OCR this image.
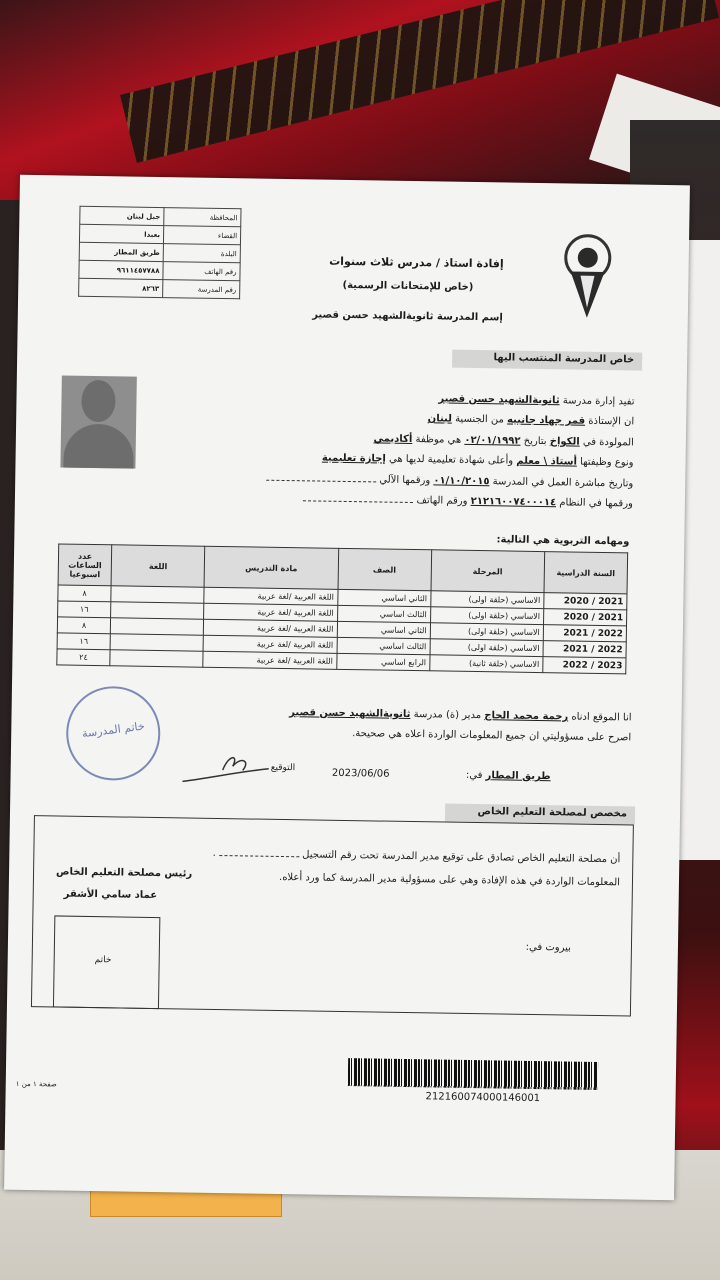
جبل لبنان	المحافظة
بعبدا	القضاء
طريق المطار	البلدة
٩٦١١٤٥٧٧٨٨	رقم الهاتف
٨٢٦٣	رقم المدرسة
إفادة استاذ / مدرس ثلاث سنوات
(خاص للإمتحانات الرسمية)
إسم المدرسة ثانويةالشهيد حسن قصير
خاص المدرسة المنتسب اليها
تفيد إدارة مدرسة ثانويةالشهيد حسن قصير
ان الإستاذة قمر جهاد جانبيه من الجنسية لبنان
المولودة في الكواخ بتاريخ ٠٢/٠١/١٩٩٢ هي موظفة أكاديمي
ونوع وظيفتها أستاذ \ معلم وأعلى شهادة تعليمية لديها هي إجازة تعليمية
وتاريخ مباشرة العمل في المدرسة ٠١/١٠/٢٠١٥ ورقمها الآلي
ورقمها في النظام ٢١٢١٦٠٠٧٤٠٠٠١٤ ورقم الهاتف
ومهامه التربوية هي التالية:
السنة الدراسية	المرحلة	الصف	مادة التدريس	اللغة	عدد الساعات اسبوعيا
2020 / 2021	الاساسي (حلقة اولى)	الثاني اساسي	اللغة العربية /لغة عربية		٨
2020 / 2021	الاساسي (حلقة اولى)	الثالث اساسي	اللغة العربية /لغة عربية		١٦
2021 / 2022	الاساسي (حلقة اولى)	الثاني اساسي	اللغة العربية /لغة عربية		٨
2021 / 2022	الاساسي (حلقة اولى)	الثالث اساسي	اللغة العربية /لغة عربية		١٦
2022 / 2023	الاساسي (حلقة ثانية)	الرابع اساسي	اللغة العربية /لغة عربية		٢٤
انا الموقع ادناه رحمة محمد الحاج مدير (ة) مدرسة ثانويةالشهيد حسن قصير
اصرح على مسؤوليتي ان جميع المعلومات الواردة اعلاه هي صحيحة.
طريق المطار في:  2023/06/06
التوقيع
خاتم المدرسة
مخصص لمصلحة التعليم الخاص
أن مصلحة التعليم الخاص تصادق على توقيع مدير المدرسة تحت رقم التسجيل  .
المعلومات الواردة في هذه الإفادة وهي على مسؤولية مدير المدرسة كما ورد أعلاه.
رئيس مصلحة التعليم الخاص
عماد سامي الأشقر
بيروت في:
خاتم
212160074000146001
صفحة ١ من ١
